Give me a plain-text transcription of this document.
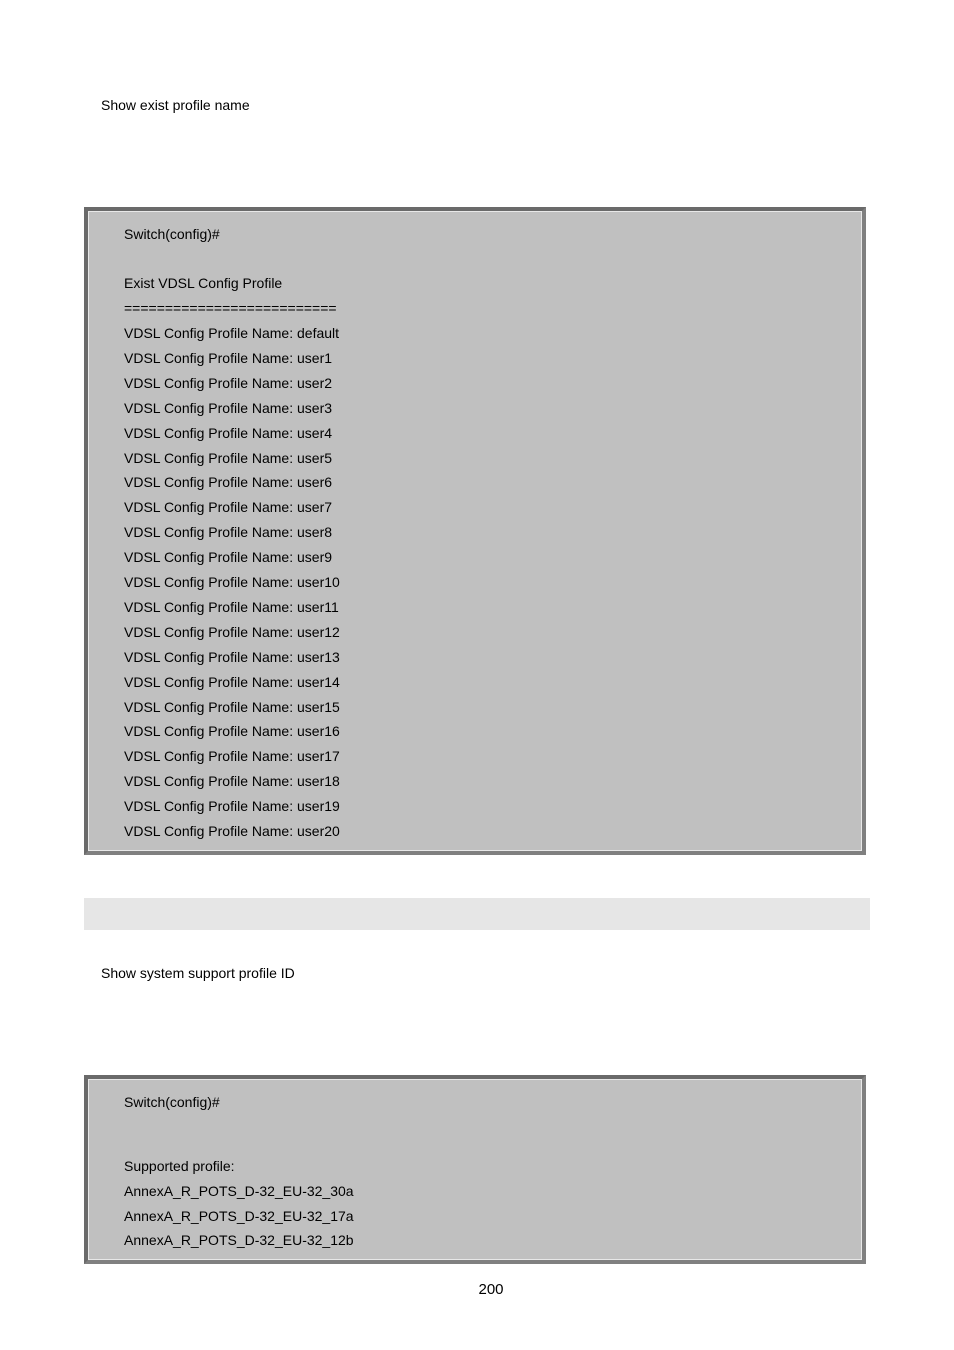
Show exist profile name

Switch(config)#

Exist VDSL Config Profile

==========================

VDSL Config Profile Name: default

VDSL Config Profile Name: user1

VDSL Config Profile Name: user2

VDSL Config Profile Name: user3

VDSL Config Profile Name: user4

VDSL Config Profile Name: user5

VDSL Config Profile Name: user6

VDSL Config Profile Name: user7

VDSL Config Profile Name: user8

VDSL Config Profile Name: user9

VDSL Config Profile Name: user10

VDSL Config Profile Name: user11

VDSL Config Profile Name: user12

VDSL Config Profile Name: user13

VDSL Config Profile Name: user14

VDSL Config Profile Name: user15

VDSL Config Profile Name: user16

VDSL Config Profile Name: user17

VDSL Config Profile Name: user18

VDSL Config Profile Name: user19

VDSL Config Profile Name: user20

Show system support profile ID

Switch(config)#

Supported profile:

AnnexA_R_POTS_D-32_EU-32_30a

AnnexA_R_POTS_D-32_EU-32_17a

AnnexA_R_POTS_D-32_EU-32_12b

200
